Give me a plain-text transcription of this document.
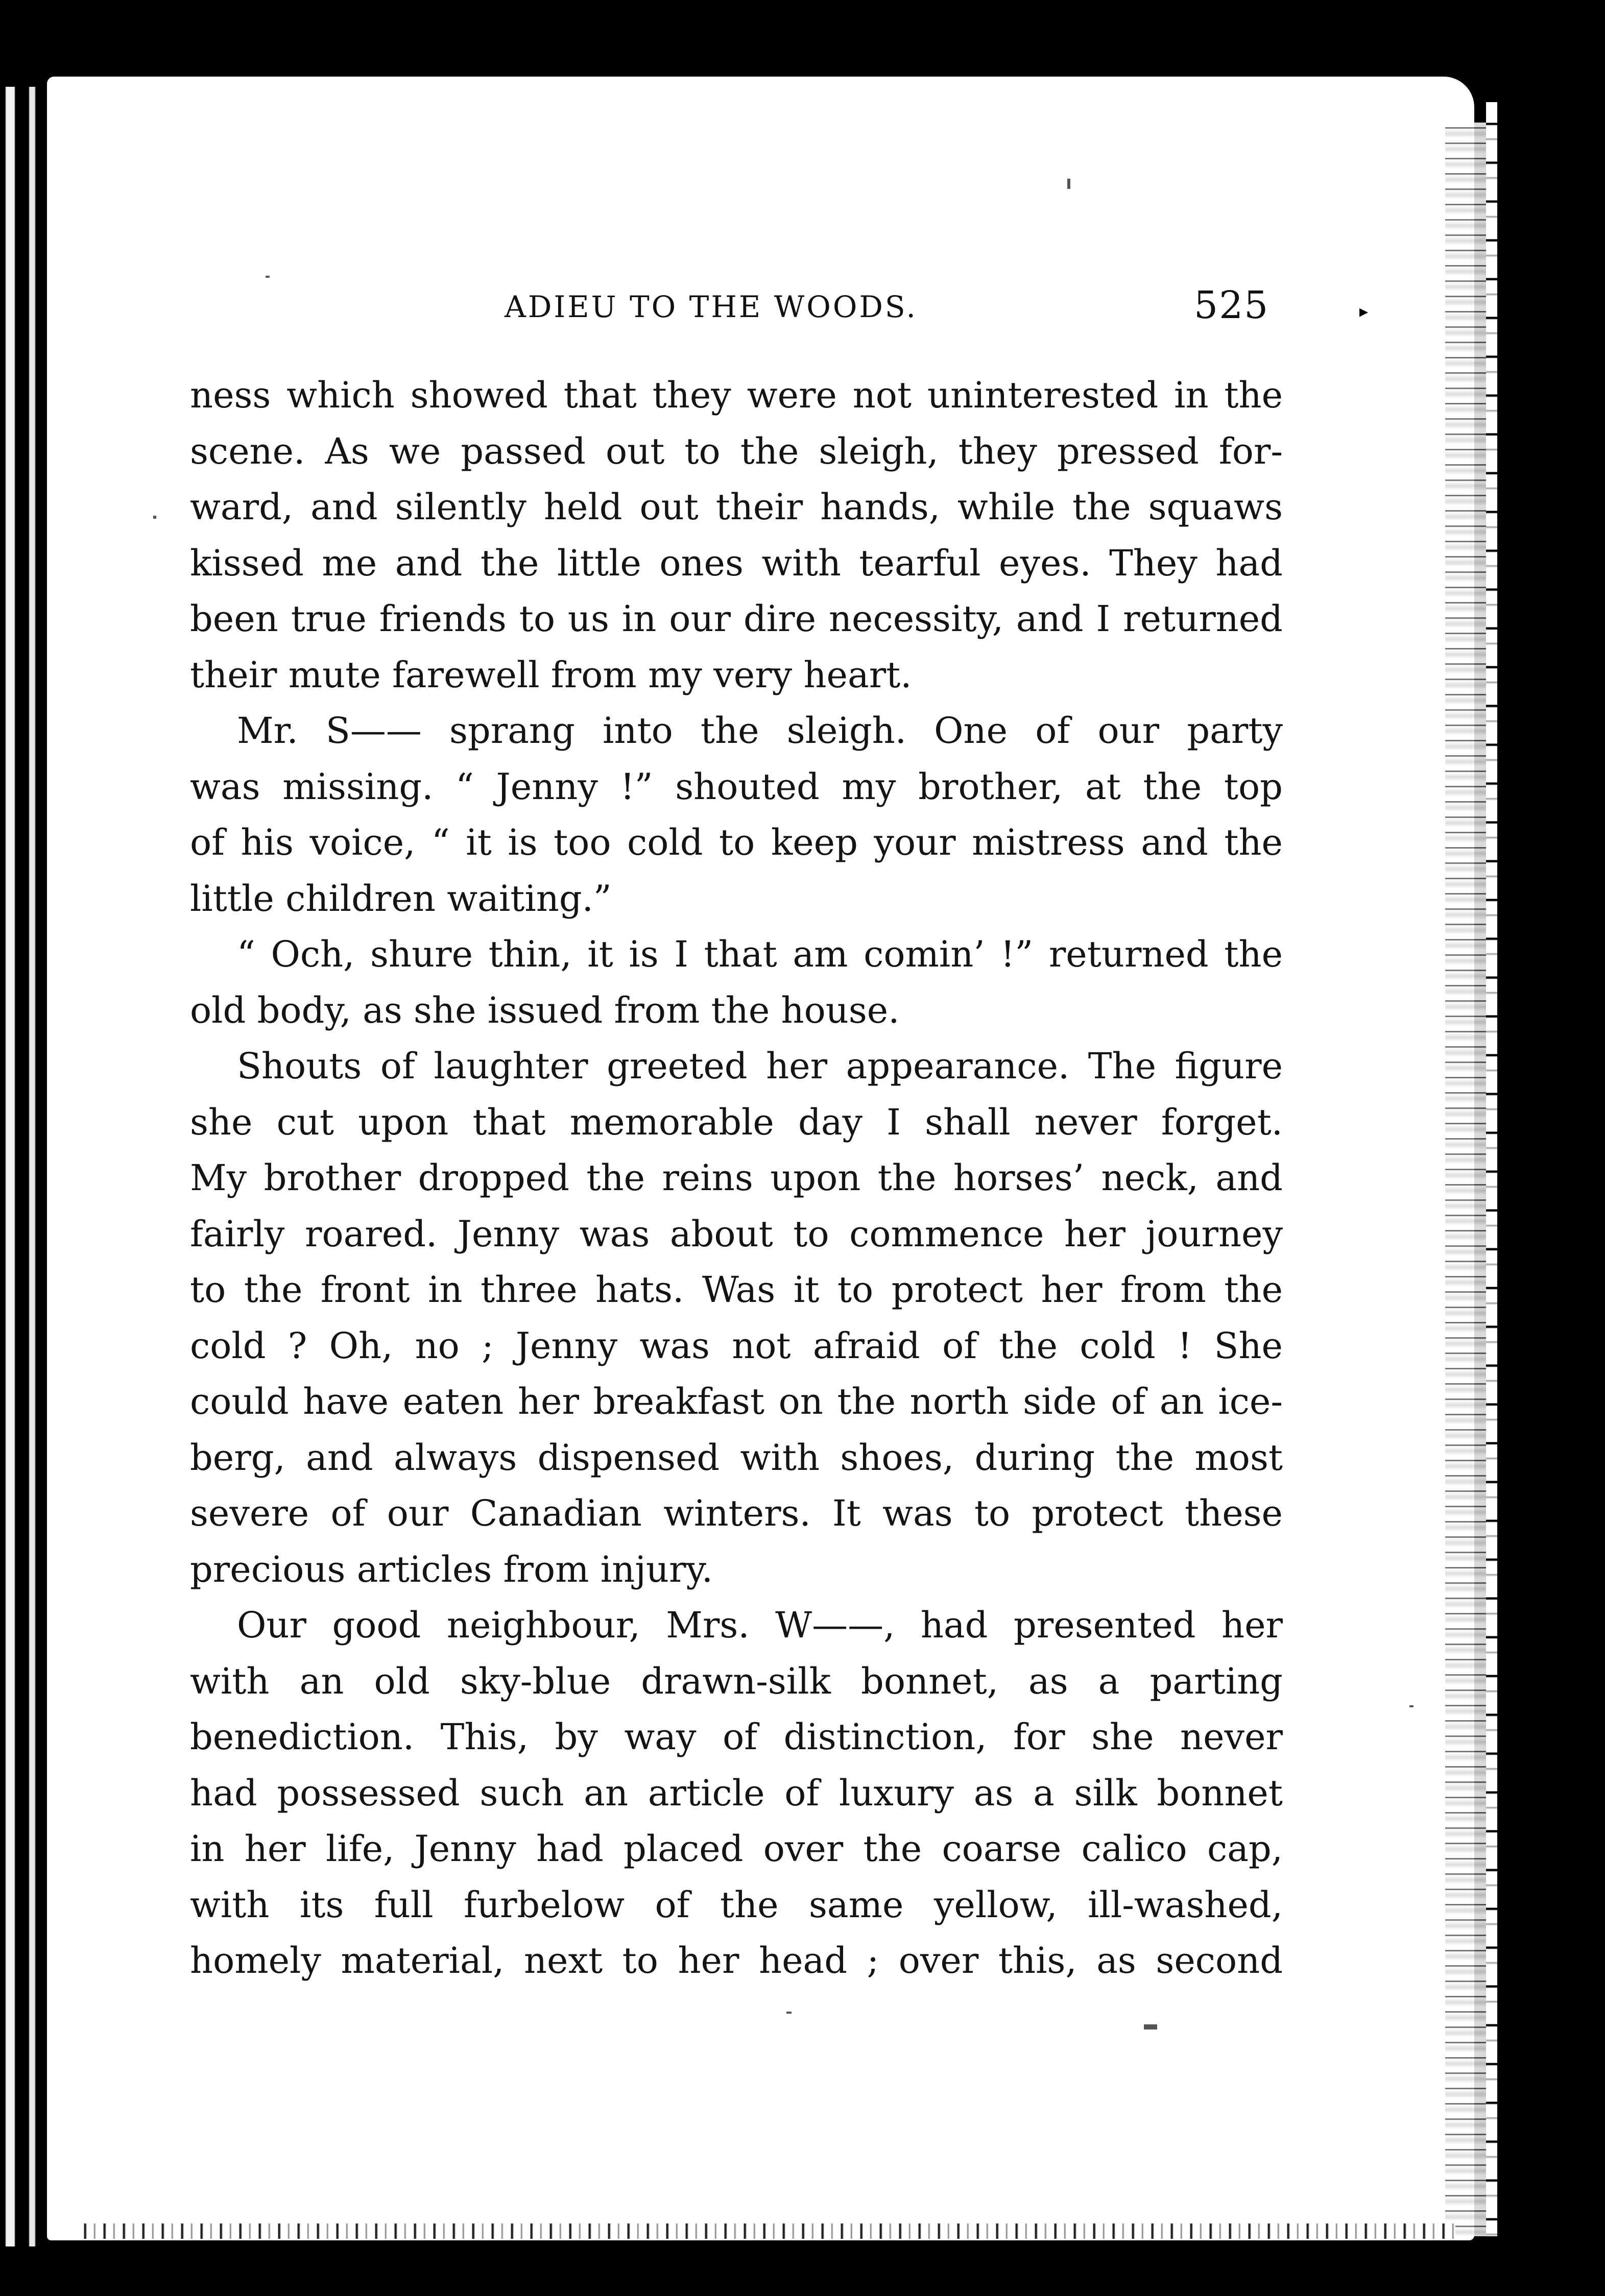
ADIEU TO THE WOODS.	525	▸
ness which showed that they were not uninterested in the
scene. As we passed out to the sleigh, they pressed for-
ward, and silently held out their hands, while the squaws
kissed me and the little ones with tearful eyes. They had
been true friends to us in our dire necessity, and I returned
their mute farewell from my very heart.
Mr. S—— sprang into the sleigh. One of our party
was missing. “ Jenny !” shouted my brother, at the top
of his voice, “ it is too cold to keep your mistress and the
little children waiting.”
“ Och, shure thin, it is I that am comin’ !” returned the
old body, as she issued from the house.
Shouts of laughter greeted her appearance. The figure
she cut upon that memorable day I shall never forget.
My brother dropped the reins upon the horses’ neck, and
fairly roared. Jenny was about to commence her journey
to the front in three hats. Was it to protect her from the
cold ? Oh, no ; Jenny was not afraid of the cold ! She
could have eaten her breakfast on the north side of an ice-
berg, and always dispensed with shoes, during the most
severe of our Canadian winters. It was to protect these
precious articles from injury.
Our good neighbour, Mrs. W——, had presented her
with an old sky-blue drawn-silk bonnet, as a parting
benediction. This, by way of distinction, for she never
had possessed such an article of luxury as a silk bonnet
in her life, Jenny had placed over the coarse calico cap,
with its full furbelow of the same yellow, ill-washed,
homely material, next to her head ; over this, as second
